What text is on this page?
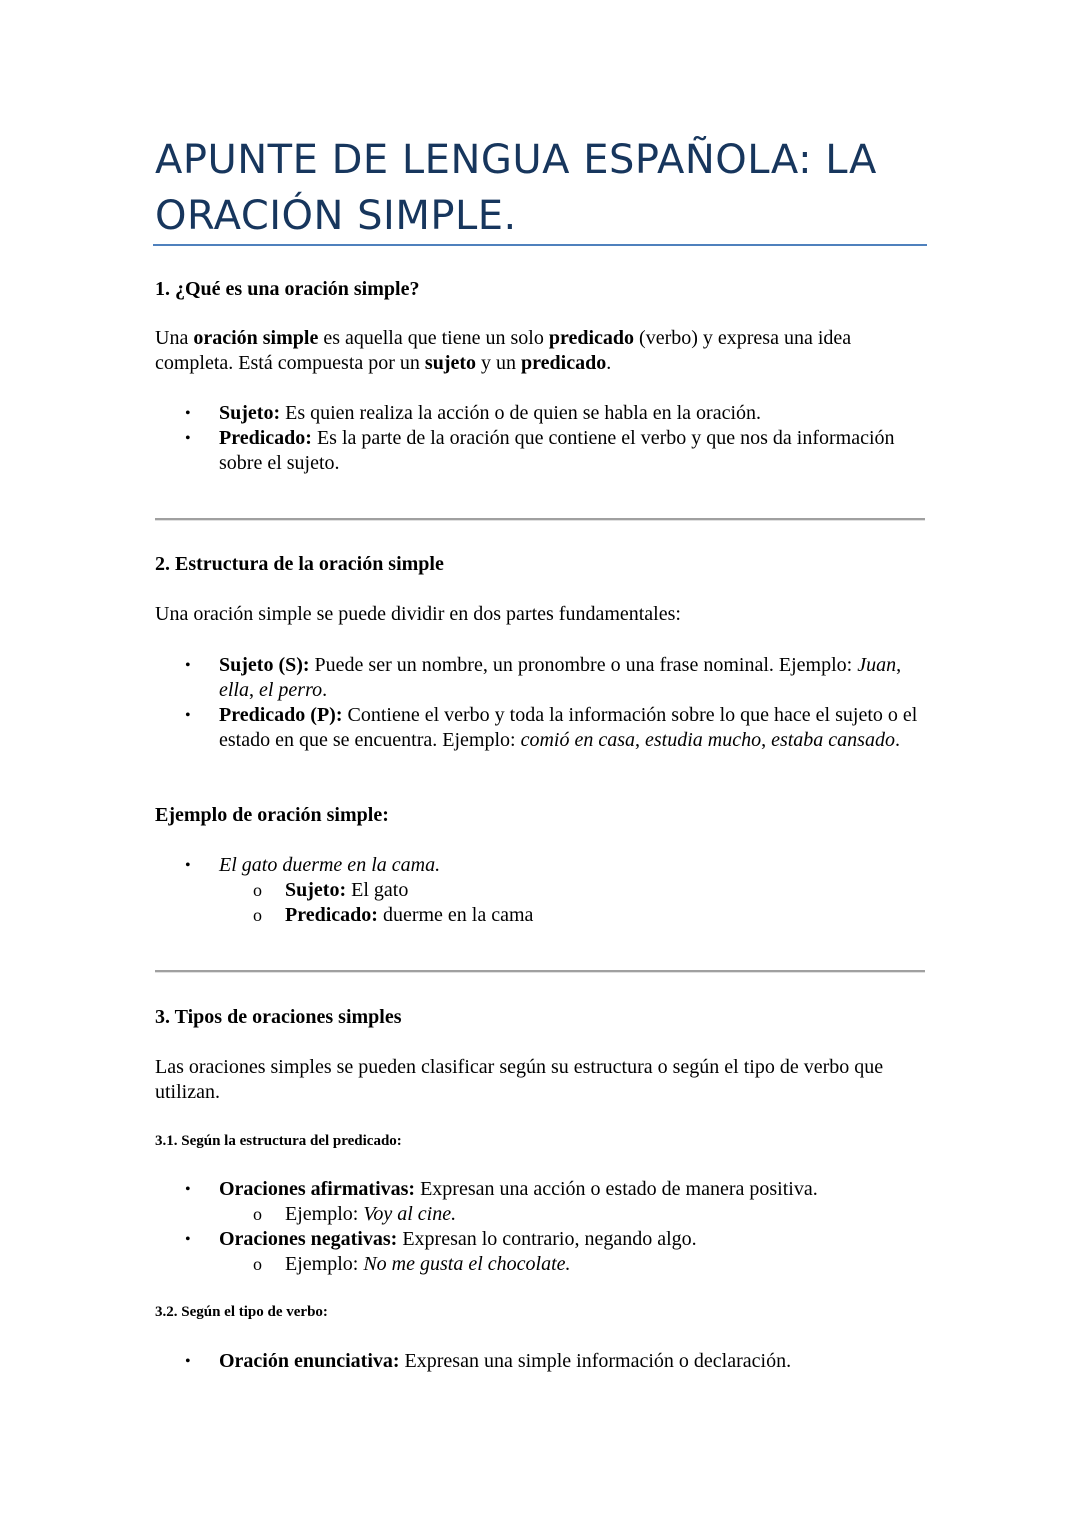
APUNTE DE LENGUA ESPAÑOLA: LA ORACIÓN SIMPLE.

1. ¿Qué es una oración simple?

Una oración simple es aquella que tiene un solo predicado (verbo) y expresa una idea completa. Está compuesta por un sujeto y un predicado.

• Sujeto: Es quien realiza la acción o de quien se habla en la oración.
• Predicado: Es la parte de la oración que contiene el verbo y que nos da información sobre el sujeto.

2. Estructura de la oración simple

Una oración simple se puede dividir en dos partes fundamentales:

• Sujeto (S): Puede ser un nombre, un pronombre o una frase nominal. Ejemplo: Juan, ella, el perro.
• Predicado (P): Contiene el verbo y toda la información sobre lo que hace el sujeto o el estado en que se encuentra. Ejemplo: comió en casa, estudia mucho, estaba cansado.

Ejemplo de oración simple:

• El gato duerme en la cama.
o Sujeto: El gato
o Predicado: duerme en la cama

3. Tipos de oraciones simples

Las oraciones simples se pueden clasificar según su estructura o según el tipo de verbo que utilizan.

3.1. Según la estructura del predicado:

• Oraciones afirmativas: Expresan una acción o estado de manera positiva.
o Ejemplo: Voy al cine.
• Oraciones negativas: Expresan lo contrario, negando algo.
o Ejemplo: No me gusta el chocolate.

3.2. Según el tipo de verbo:

• Oración enunciativa: Expresan una simple información o declaración.
